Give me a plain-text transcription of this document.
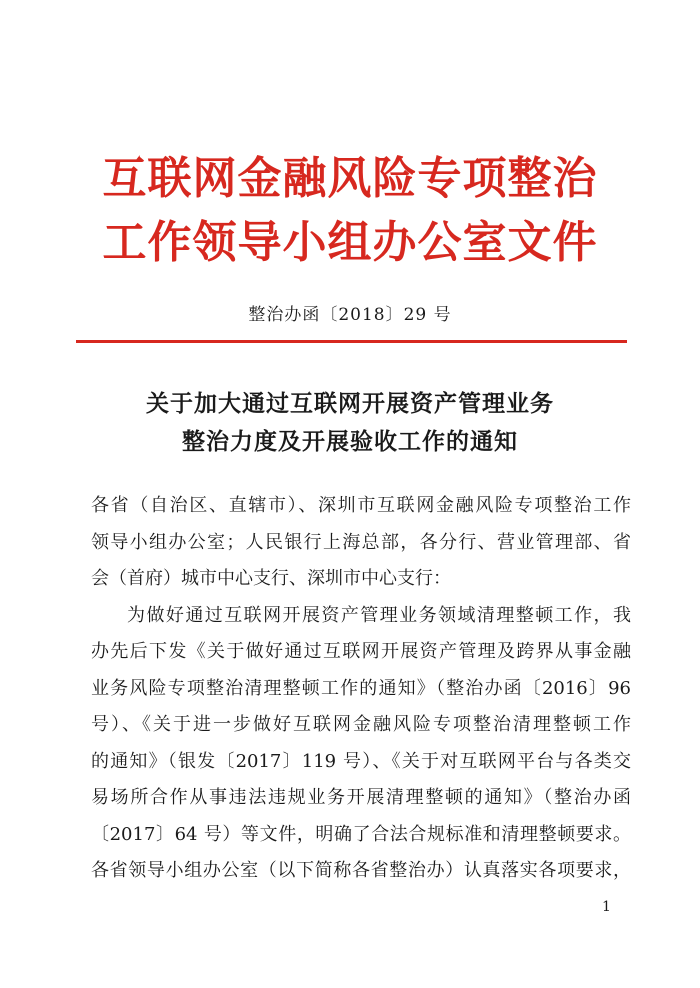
互联网金融风险专项整治
工作领导小组办公室文件
整治办函〔2018〕29 号
关于加大通过互联网开展资产管理业务
整治力度及开展验收工作的通知
各省（自治区、直辖市）、深圳市互联网金融风险专项整治工作
领导小组办公室；人民银行上海总部，各分行、营业管理部、省
会（首府）城市中心支行、深圳市中心支行：
为做好通过互联网开展资产管理业务领域清理整顿工作，我
办先后下发《关于做好通过互联网开展资产管理及跨界从事金融
业务风险专项整治清理整顿工作的通知》（整治办函〔2016〕96
号）、《关于进一步做好互联网金融风险专项整治清理整顿工作
的通知》（银发〔2017〕119 号）、《关于对互联网平台与各类交
易场所合作从事违法违规业务开展清理整顿的通知》（整治办函
〔2017〕64 号）等文件，明确了合法合规标准和清理整顿要求。
各省领导小组办公室（以下简称各省整治办）认真落实各项要求，
1
